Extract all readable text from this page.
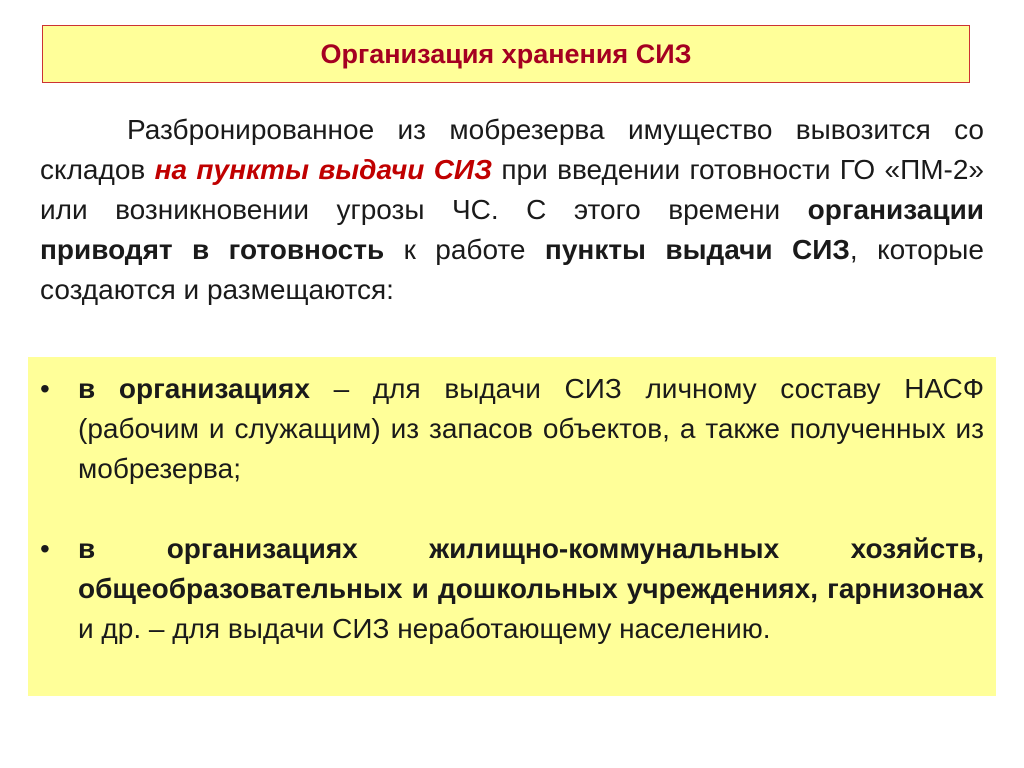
Организация хранения СИЗ
Разбронированное из мобрезерва имущество вывозится со складов на пункты выдачи СИЗ при введении готовности ГО «ПМ-2» или возникновении угрозы ЧС. С этого времени организации приводят в готовность к работе пункты выдачи СИЗ, которые создаются и размещаются:
• в организациях – для выдачи СИЗ личному составу НАСФ (рабочим и служащим) из запасов объектов, а также полученных из мобрезерва;
• в организациях жилищно-коммунальных хозяйств, общеобразовательных и дошкольных учреждениях, гарнизонах и др. – для выдачи СИЗ неработающему населению.
